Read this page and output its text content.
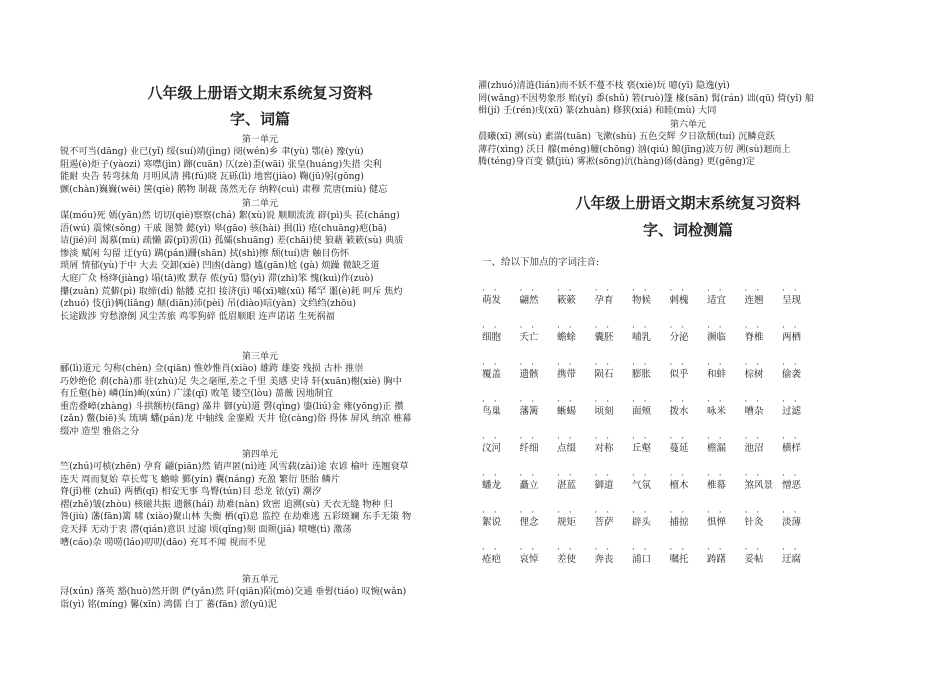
八年级上册语文期末系统复习资料
字、词篇

第一单元

锐不可当(dāng) 业已(yǐ) 绥(suí)靖(jìng) 阌(wén)乡 聿(yù) 鄂(è) 豫(yù)
阻遏(è)炬子(yàozi) 寒噤(jìn) 蹿(cuān) 仄(zè)歪(wāi) 张皇(huáng)失措 尖利
能耐 央告 转弯抹角 月明风清 拂(fú)晓 瓦砾(lì) 地窖(jiào) 鞠(jū)躬(gōng)
颤(chàn)巍巍(wēi) 箧(qiè) 鹅物 制裁 荡然无存 纳粹(cuì) 肃穆 荒唐(miù) 健忘

第二单元

谋(móu)死 嫣(yān)然 切切(qiè)察察(chá) 絮(xù)说 顺顺流流 辟(pì)头 苌(cháng)
浯(wú) 震悚(sǒng) 干戚 图赞 懿(yì) 皋(gāo) 骇(hài) 揖(lì) 疮(chuāng)疤(bā)
诘(jié)问 渴慕(mù) 疏懒 霹(pī)雳(lì) 孤孀(shuāng) 差(chāi)使 狼藉 簌簌(sù) 典质
惨淡 赋闲 勾留 迂(yū) 蹒(pán)跚(shān) 拭(shì)擦 颓(tuí)唐 触目伤怀
琐屑 情郁(yù)于中 大去 交卸(xiè) 凹凼(dàng) 尴(gān)尬 (gà) 烦躁 微缺乏道
大庭广众 杨绛(jiàng) 塌(tā)败 默存 侬(yǔ) 翳(yì) 滞(zhì)笨 愧(kuì)作(zuò)
攥(zuàn) 荒僻(pì) 取缔(dì) 骷髅 克扣 接济(jì) 唏(xī)嘘(xū) 稀罕 噩(è)耗 呵斥 焦灼
(zhuó) 伎(jì)俩(liǎng) 颠(diān)沛(pèi) 吊(diào)唁(yàn) 文绉绉(zhōu)
长途跋涉 穷愁潦倒 风尘苦旅 鸡零狗碎 低眉顺眼 连声诺诺 生死祸福

第三单元

郦(lì)道元 匀称(chèn) 佥(qiān) 惟妙惟肖(xiào) 雄跨 雄姿 残损 古朴 推崇
巧妙绝伦 刹(chà)那 驻(zhù)足 失之毫厘,差之千里 美感 史诗 轩(xuān)榭(xiè) 胸中
有丘壑(hè) 嶙(lín)峋(xún) 广漾(qī) 败笔 镂空(lòu) 蔷薇 因地制宜
重峦叠嶂(zhàng) 斗拱额枋(fāng) 藻井 御(yù)道 磬(qìng) 鎏(liú)金 雍(yōng)正 攒
(zǎn) 鳖(biē)头 琉璃 蟠(pán)龙 中轴线 金銮殿 天井 伧(càng)俗 得体 屏风 纳凉 椎幕
缀冲 造型 雅俗之分

第四单元

竺(zhú)可桢(zhēn) 孕育 翩(piān)然 销声匿(nì)迹 风雪载(zài)途 农谚 榆叶 连翘衰草
连天 周而复始 草长莺飞 蟾蜍 鄞(yín) 囊(náng) 充盈 繁衍 胚胎 鳞片
脊(jǐ)椎 (zhuī) 两栖(qī) 相安无事 鸟臀(tún)目 恐龙 铱(yī) 潮汐
褶(zhě)皱(zhòu) 核磁共振 遗骸(hái) 劫难(nàn) 致密 追溯(sù) 天衣无缝 物种 归
咎(jiù) 藩(fān)篱 啸 (xiào)聚山林 失衡 栖(qī)息 监控 在劫难逃 五彩斑斓 东手无策 物
竞天择 无动于衷 潜(qián)意识 过滤 顷(qǐng)刻 面颊(jiá) 喷嚏(tì) 激荡
嘈(cáo)杂 唠唠(láo)叨叨(dāo) 充耳不闻 视而不见

第五单元

浔(xún) 落英 豁(huò)然开朗 俨(yǎn)然 阡(qiān)陌(mò)交通 垂髫(tiáo) 叹惋(wǎn)
诣(yì) 铭(míng) 馨(xīn) 鸿儒 白丁 蕃(fān) 淤(yū)泥
濯(zhuó)清涟(lián)而不妖不蔓不枝 亵(xiè)玩 噫(yī) 隐逸(yì)
罔(wǎng)不因势象形 贻(yí) 黍(shǔ) 箬(ruò)篷 椽(sān) 髯(rán) 诎(qū) 倚(yǐ) 船
楫(jí) 壬(rén)戌(xū) 篆(zhuàn) 修狭(xiá) 和睦(mù) 大同

第六单元

晨曦(xī) 溯(sù) 素湍(tuān) 飞漱(shù) 五色交辉 夕日欲颓(tuí) 沉鳞竞跃
薄荇(xìng) 沃日 艨(méng)艟(chōng) 汹(qiú) 鲸(jīng)波万仞 溯(sù)迴而上
腾(téng)身百变 僦(jiù) 雾凇(sōng)沆(hàng)砀(dàng) 更(gēng)定
八年级上册语文期末系统复习资料
字、词检测篇

一、给以下加点的字词注音:

萌发
· ·
翩然
· ·
簌簌
· ·
孕育
· ·
物候
· ·
剌槐
· ·
适宜
· ·
连翘
· ·
呈现
· ·
细胞
· ·
夭亡
· ·
蟾蜍
· ·
囊胚
· ·
哺乳
· ·
分泌
· ·
濒临
· ·
脊椎
· ·
两栖
· ·
覆盖
· ·
遗骸
· ·
携带
· ·
陨石
· ·
膨胀
· ·
似乎
· ·
和蚌
· ·
棕树
· ·
偷袭
· ·
鸟巢
· ·
藩篱
· ·
蜥蜴
· ·
顷刻
· ·
面颊
· ·
拨水
· ·
咏米
· ·
嘈杂
· ·
过滤
· ·
汶河
· ·
纤细
· ·
点缀
· ·
对称
· ·
丘壑
· ·
蔓延
· ·
檐漏
· ·
池沼
· ·
横样
· ·
蟠龙
· ·
矗立
· ·
湛蓝
· ·
御道
· ·
气氛
· ·
檀木
· ·
椎幕
· ·
煞风景
· ·
憎恶
· ·
絮说
· ·
俚念
· ·
规矩
· ·
菩萨
· ·
辟头
· ·
捕掠
· ·
惧惮
· ·
针灸
· ·
淡薄
· ·
疮疤
· ·
哀悼
· ·
差使
· ·
奔丧
· ·
浦口
· ·
嘱托
· ·
踌躇
· ·
妥帖
· ·
迂腐
· ·
